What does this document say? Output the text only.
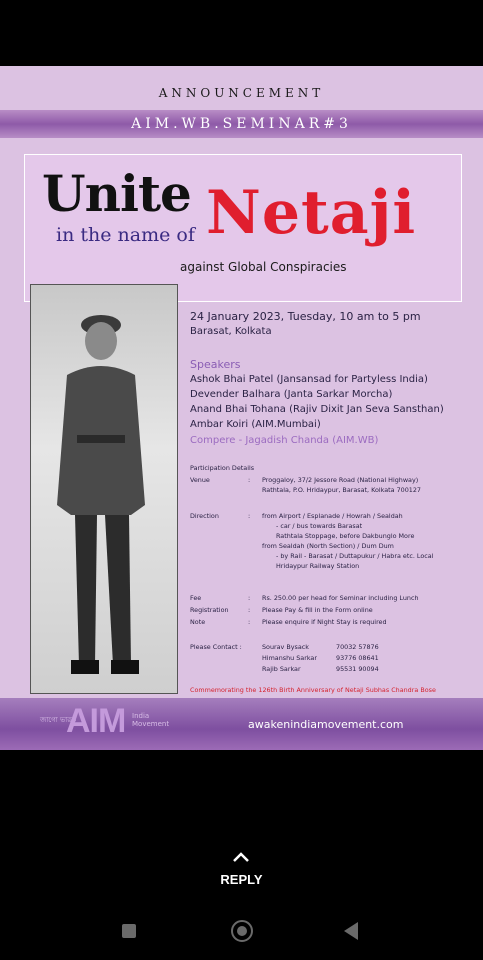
ANNOUNCEMENT
AIM.WB.SEMINAR#3
Unite
in the name of Netaji
against Global Conspiracies
24 January 2023, Tuesday, 10 am to 5 pm
Barasat, Kolkata
Speakers
Ashok Bhai Patel (Jansansad for Partyless India)
Devender Balhara (Janta Sarkar Morcha)
Anand Bhai Tohana (Rajiv Dixit Jan Seva Sansthan)
Ambar Koiri (AIM.Mumbai)
Compere - Jagadish Chanda (AIM.WB)
Participation Details
Venue	: Proggaloy, 37/2 Jessore Road (National Highway)
Rathtala, P.O. Hridaypur, Barasat, Kolkata 700127
Direction	: from Airport / Esplanade / Howrah / Sealdah
- car / bus towards Barasat
Rathtala Stoppage, before Dakbunglo More
from Sealdah (North Section) / Dum Dum
- by Rail - Barasat / Duttapukur / Habra etc. Local
Hridaypur Railway Station
Fee	: Rs. 250.00 per head for Seminar including Lunch
Registration	: Please Pay & fill in the Form online
Note	: Please enquire if Night Stay is required
Please Contact :	Sourav Bysack	70032 57876
Himanshu Sarkar	93776 08641
Rajib Sarkar	95531 90094
Commemorating the 126th Birth Anniversary of Netaji Subhas Chandra Bose
জাগো ভারত
AIM India
Movement	awakenindiamovement.com
REPLY
